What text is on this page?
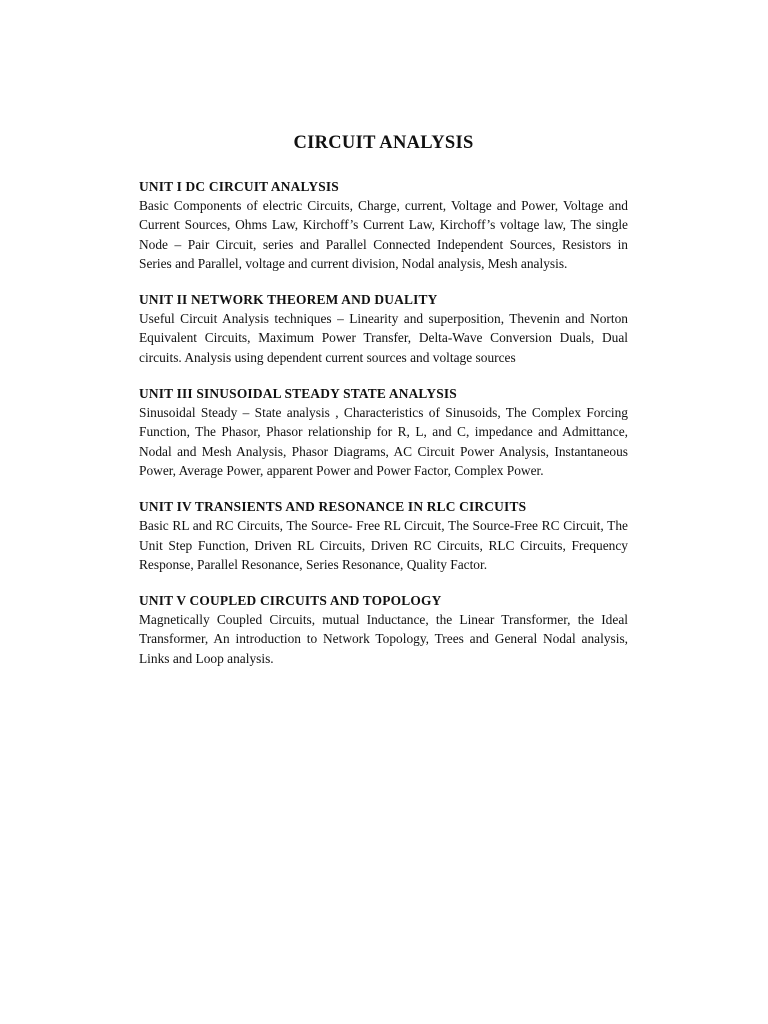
CIRCUIT ANALYSIS
UNIT I DC CIRCUIT ANALYSIS

Basic Components of electric Circuits, Charge, current, Voltage and Power, Voltage and Current Sources, Ohms Law, Kirchoff’s Current Law, Kirchoff’s voltage law, The single Node – Pair Circuit, series and Parallel Connected Independent Sources, Resistors in Series and Parallel, voltage and current division, Nodal analysis, Mesh analysis.

UNIT II NETWORK THEOREM AND DUALITY

Useful Circuit Analysis techniques – Linearity and superposition, Thevenin and Norton Equivalent Circuits, Maximum Power Transfer, Delta-Wave Conversion Duals, Dual circuits. Analysis using dependent current sources and voltage sources

UNIT III SINUSOIDAL STEADY STATE ANALYSIS

Sinusoidal Steady – State analysis , Characteristics of Sinusoids, The Complex Forcing Function, The Phasor, Phasor relationship for R, L, and C, impedance and Admittance, Nodal and Mesh Analysis, Phasor Diagrams, AC Circuit Power Analysis, Instantaneous Power, Average Power, apparent Power and Power Factor, Complex Power.

UNIT IV TRANSIENTS AND RESONANCE IN RLC CIRCUITS

Basic RL and RC Circuits, The Source- Free RL Circuit, The Source-Free RC Circuit, The Unit Step Function, Driven RL Circuits, Driven RC Circuits, RLC Circuits, Frequency Response, Parallel Resonance, Series Resonance, Quality Factor.

UNIT V COUPLED CIRCUITS AND TOPOLOGY

Magnetically Coupled Circuits, mutual Inductance, the Linear Transformer, the Ideal Transformer, An introduction to Network Topology, Trees and General Nodal analysis, Links and Loop analysis.
